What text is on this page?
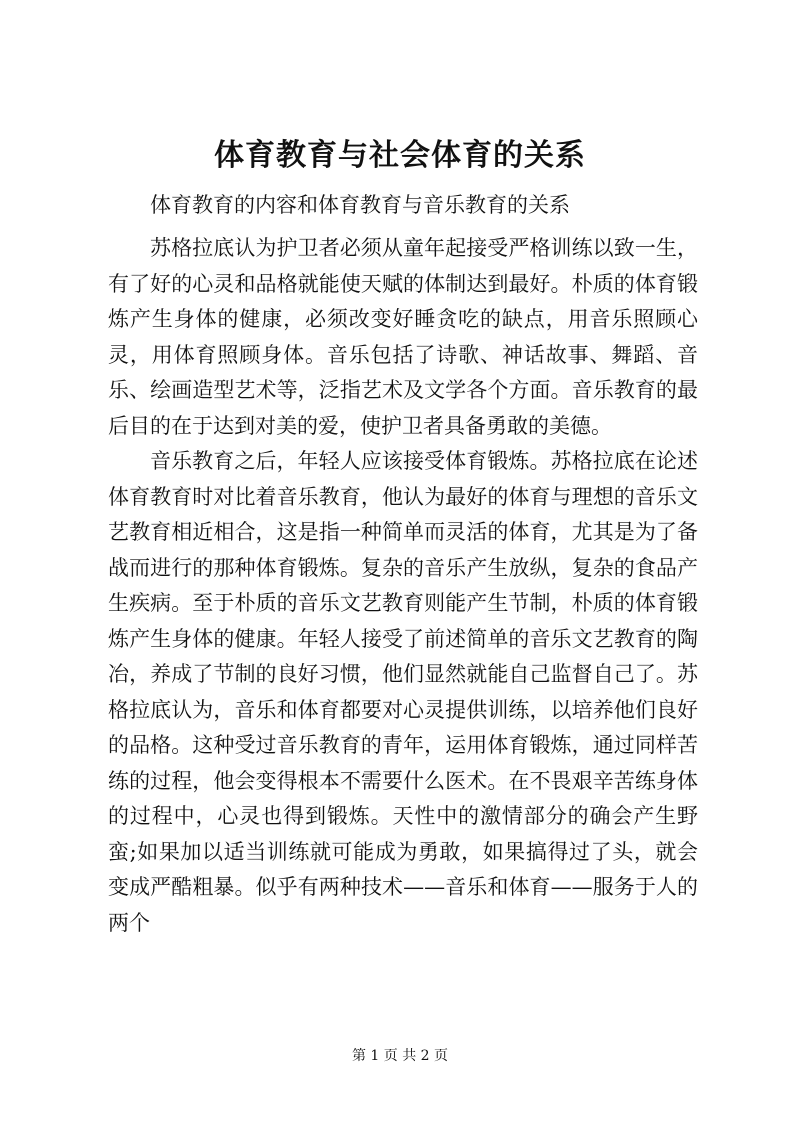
体育教育与社会体育的关系

体育教育的内容和体育教育与音乐教育的关系

苏格拉底认为护卫者必须从童年起接受严格训练以致一生，有了好的心灵和品格就能使天赋的体制达到最好。朴质的体育锻炼产生身体的健康，必须改变好睡贪吃的缺点，用音乐照顾心灵，用体育照顾身体。音乐包括了诗歌、神话故事、舞蹈、音乐、绘画造型艺术等，泛指艺术及文学各个方面。音乐教育的最后目的在于达到对美的爱，使护卫者具备勇敢的美德。

音乐教育之后，年轻人应该接受体育锻炼。苏格拉底在论述体育教育时对比着音乐教育，他认为最好的体育与理想的音乐文艺教育相近相合，这是指一种简单而灵活的体育，尤其是为了备战而进行的那种体育锻炼。复杂的音乐产生放纵，复杂的食品产生疾病。至于朴质的音乐文艺教育则能产生节制，朴质的体育锻炼产生身体的健康。年轻人接受了前述简单的音乐文艺教育的陶冶，养成了节制的良好习惯，他们显然就能自己监督自己了。苏格拉底认为，音乐和体育都要对心灵提供训练，以培养他们良好的品格。这种受过音乐教育的青年，运用体育锻炼，通过同样苦练的过程，他会变得根本不需要什么医术。在不畏艰辛苦练身体的过程中，心灵也得到锻炼。天性中的激情部分的确会产生野蛮;如果加以适当训练就可能成为勇敢，如果搞得过了头，就会变成严酷粗暴。似乎有两种技术——音乐和体育——服务于人的两个

第 1 页 共 2 页
